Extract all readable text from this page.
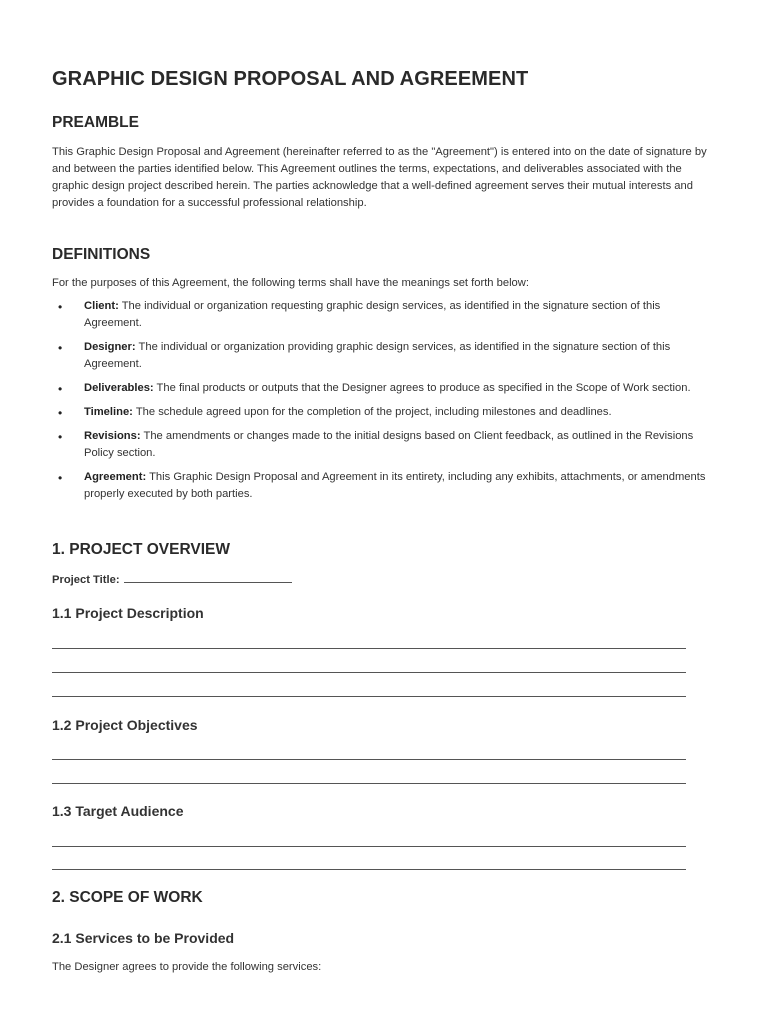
GRAPHIC DESIGN PROPOSAL AND AGREEMENT
PREAMBLE

This Graphic Design Proposal and Agreement (hereinafter referred to as the "Agreement") is entered into on the date of signature by and between the parties identified below. This Agreement outlines the terms, expectations, and deliverables associated with the graphic design project described herein. The parties acknowledge that a well-defined agreement serves their mutual interests and provides a foundation for a successful professional relationship.

DEFINITIONS

For the purposes of this Agreement, the following terms shall have the meanings set forth below:

• Client: The individual or organization requesting graphic design services, as identified in the signature section of this Agreement.
• Designer: The individual or organization providing graphic design services, as identified in the signature section of this Agreement.
• Deliverables: The final products or outputs that the Designer agrees to produce as specified in the Scope of Work section.
• Timeline: The schedule agreed upon for the completion of the project, including milestones and deadlines.
• Revisions: The amendments or changes made to the initial designs based on Client feedback, as outlined in the Revisions Policy section.
• Agreement: This Graphic Design Proposal and Agreement in its entirety, including any exhibits, attachments, or amendments properly executed by both parties.
1. PROJECT OVERVIEW
Project Title:
1.1 Project Description
1.2 Project Objectives
1.3 Target Audience
2. SCOPE OF WORK
2.1 Services to be Provided

The Designer agrees to provide the following services:
